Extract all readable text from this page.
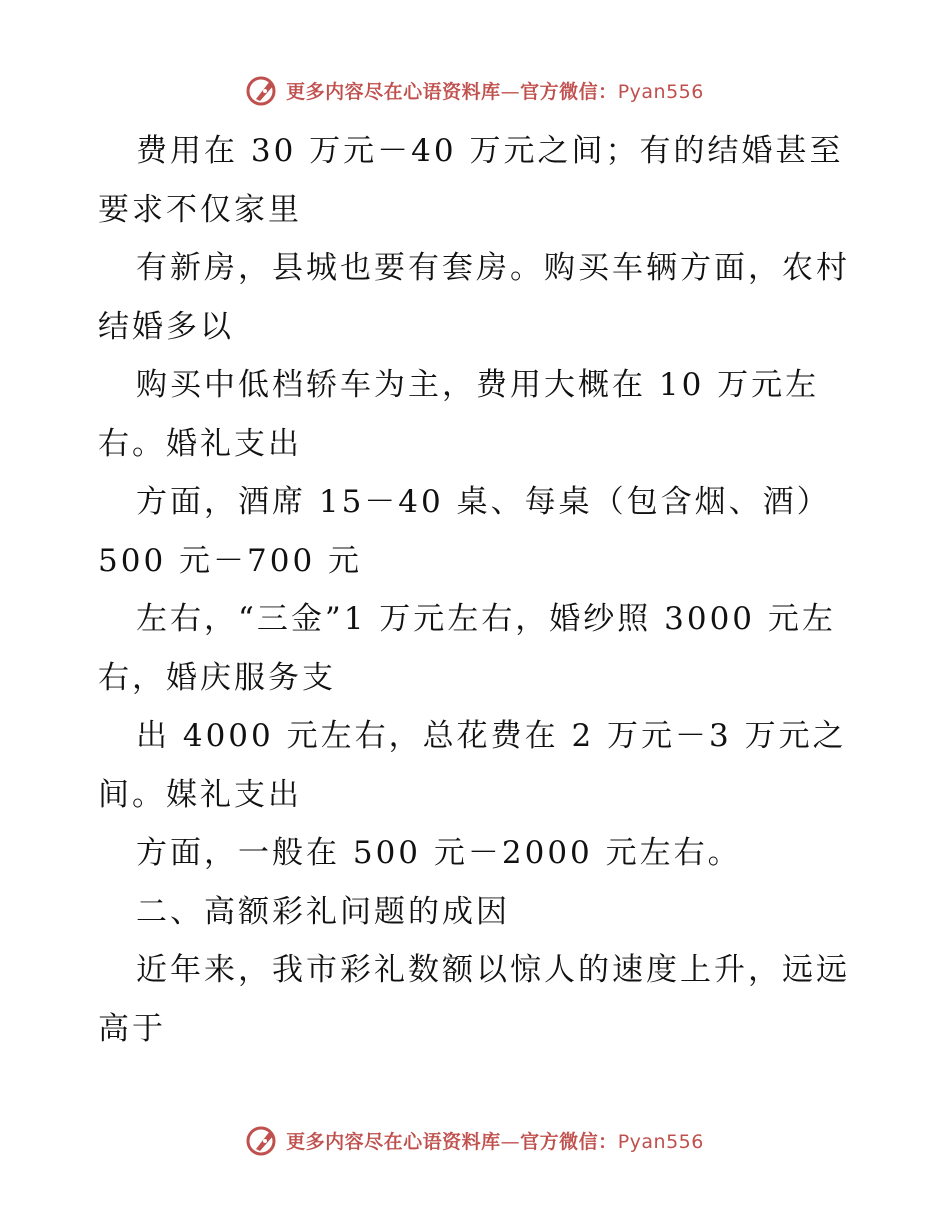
更多内容尽在心语资料库—官方微信：Pyan556
费用在 30 万元－40 万元之间；有的结婚甚至
要求不仅家里
有新房，县城也要有套房。购买车辆方面，农村
结婚多以
购买中低档轿车为主，费用大概在 10 万元左
右。婚礼支出
方面，酒席 15－40 桌、每桌（包含烟、酒）
500 元－700 元
左右，“三金”1 万元左右，婚纱照 3000 元左
右，婚庆服务支
出 4000 元左右，总花费在 2 万元－3 万元之
间。媒礼支出
方面，一般在 500 元－2000 元左右。
二、高额彩礼问题的成因
近年来，我市彩礼数额以惊人的速度上升，远远
高于
更多内容尽在心语资料库—官方微信：Pyan556
